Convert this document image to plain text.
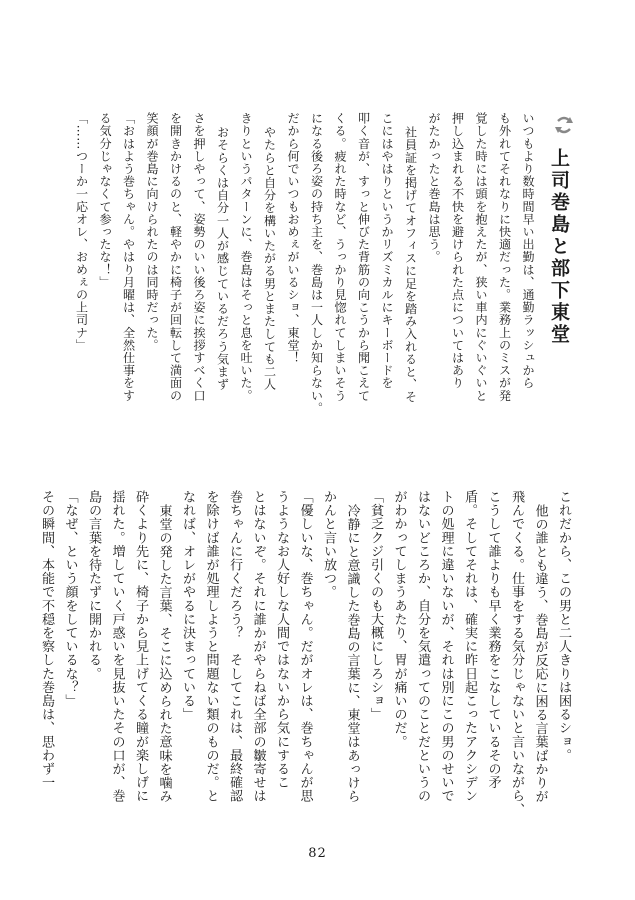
上司巻島と部下東堂
いつもより数時間早い出勤は、通勤ラッシュから
も外れてそれなりに快適だった。業務上のミスが発
覚した時には頭を抱えたが、狭い車内にぐいぐいと
押し込まれる不快を避けられた点についてはあり
がたかったと巻島は思う。
社員証を掲げてオフィスに足を踏み入れると、そ
こにはやはりというかリズミカルにキーボードを
叩く音が、すっと伸びた背筋の向こうから聞こえて
くる。疲れた時など、うっかり見惚れてしまいそう
になる後ろ姿の持ち主を、巻島は一人しか知らない。
だから何でいつもおめぇがいるショ、東堂！
やたらと自分を構いたがる男とまたしても二人
きりというパターンに、巻島はそっと息を吐いた。
おそらくは自分一人が感じているだろう気まず
さを押しやって、姿勢のいい後ろ姿に挨拶すべく口
を開きかけるのと、軽やかに椅子が回転して満面の
笑顔が巻島に向けられたのは同時だった。
「おはよう巻ちゃん。やはり月曜は、全然仕事をす
る気分じゃなくて参ったな！」
「……つーか一応オレ、おめぇの上司ナ」
これだから、この男と二人きりは困るショ。
他の誰とも違う、巻島が反応に困る言葉ばかりが
飛んでくる。仕事をする気分じゃないと言いながら、
こうして誰よりも早く業務をこなしているその矛
盾。そしてそれは、確実に昨日起こったアクシデン
トの処理に違いないが、それは別にこの男のせいで
はないどころか、自分を気遣ってのことだというの
がわかってしまうあたり、胃が痛いのだ。
「貧乏クジ引くのも大概にしろショ」
冷静にと意識した巻島の言葉に、東堂はあっけら
かんと言い放つ。
「優しいな、巻ちゃん。だがオレは、巻ちゃんが思
うようなお人好しな人間ではないから気にするこ
とはないぞ。それに誰かがやらねば全部の皺寄せは
巻ちゃんに行くだろう？　そしてこれは、最終確認
を除けば誰が処理しようと問題ない類のものだ。と
なれば、オレがやるに決まっている」
東堂の発した言葉、そこに込められた意味を噛み
砕くより先に、椅子から見上げてくる瞳が楽しげに
揺れた。増していく戸惑いを見抜いたその口が、巻
島の言葉を待たずに開かれる。
「なぜ、という顔をしているな？」
その瞬間、本能で不穏を察した巻島は、思わず一
82
